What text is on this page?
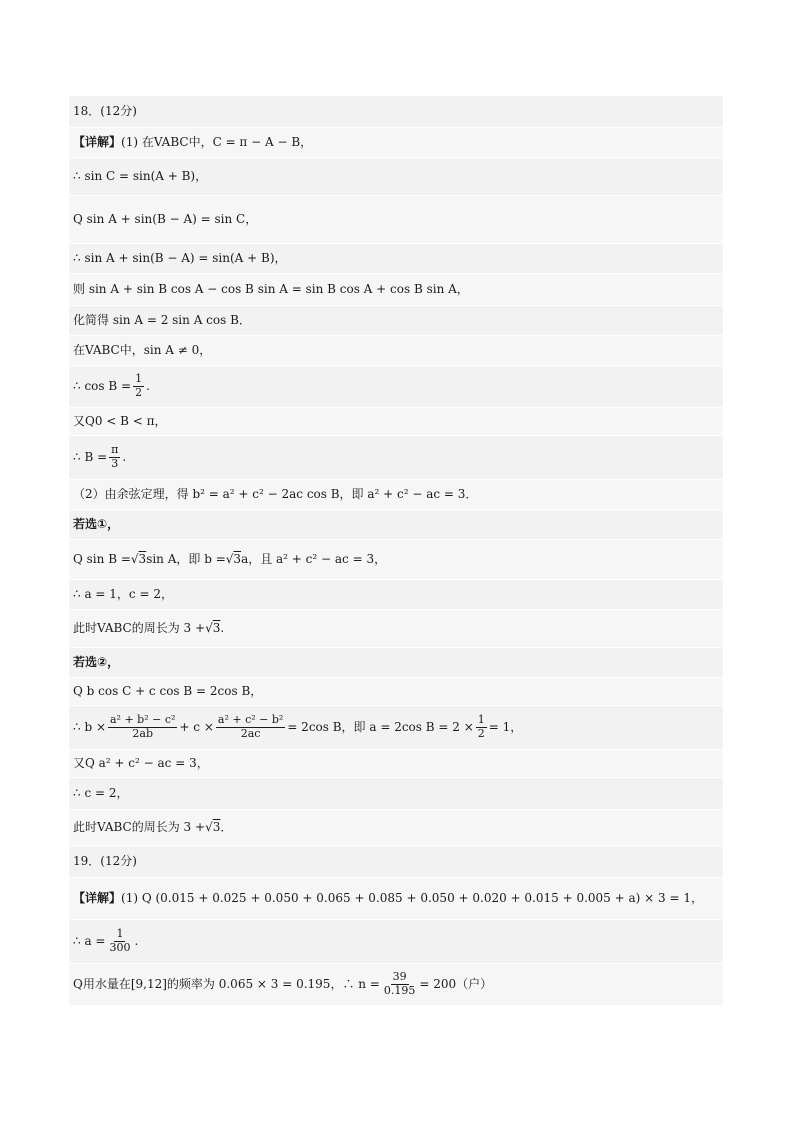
18．(12分)
【详解】 (1) 在VABC中，C = π − A − B，
∴ sin C = sin(A + B)，
Q sin A + sin(B − A) = sin C，
∴ sin A + sin(B − A) = sin(A + B)，
则 sin A + sin B cos A − cos B sin A = sin B cos A + cos B sin A，
化简得 sin A = 2 sin A cos B．
在VABC中，sin A ≠ 0，
∴ $\cos B = \frac{1}{2}$ .
又Q0 < B < π，
∴ $B = \frac{\pi}{3}$ .
（2）由余弦定理，得 b² = a² + c² − 2ac cos B，即 a² + c² − ac = 3．
若选①，
Q sin B = √ 3 sin A，即 b = √ 3 a，且 a² + c² − ac = 3，
∴ a = 1，c = 2，
此时VABC的周长为 3 + √ 3 .
若选②，
Q b cos C + c cos B = 2cos B，
∴ $b \times \frac{\text{a² + b² − c²}}{2ab} + c \times \frac{\text{a² + c² − b²}}{2ac} = 2\cos$ B，即 a = 2cos $B = 2 \times \frac{1}{2} = 1$，
又Q a² + c² − ac = 3，
∴ c = 2，
此时VABC的周长为 3 + √ 3 ．
19．(12分)
【详解】 (1) Q (0.015 + 0.025 + 0.050 + 0.065 + 0.085 + 0.050 + 0.020 + 0.015 + 0.005 + a) × 3 = 1，
∴ $a = \frac{1}{300}$ .
Q用水量在[9,12]的频率为 0.065 × 3 = 0.195，∴ $n = \frac{39}{0.195} = 200$（户）
